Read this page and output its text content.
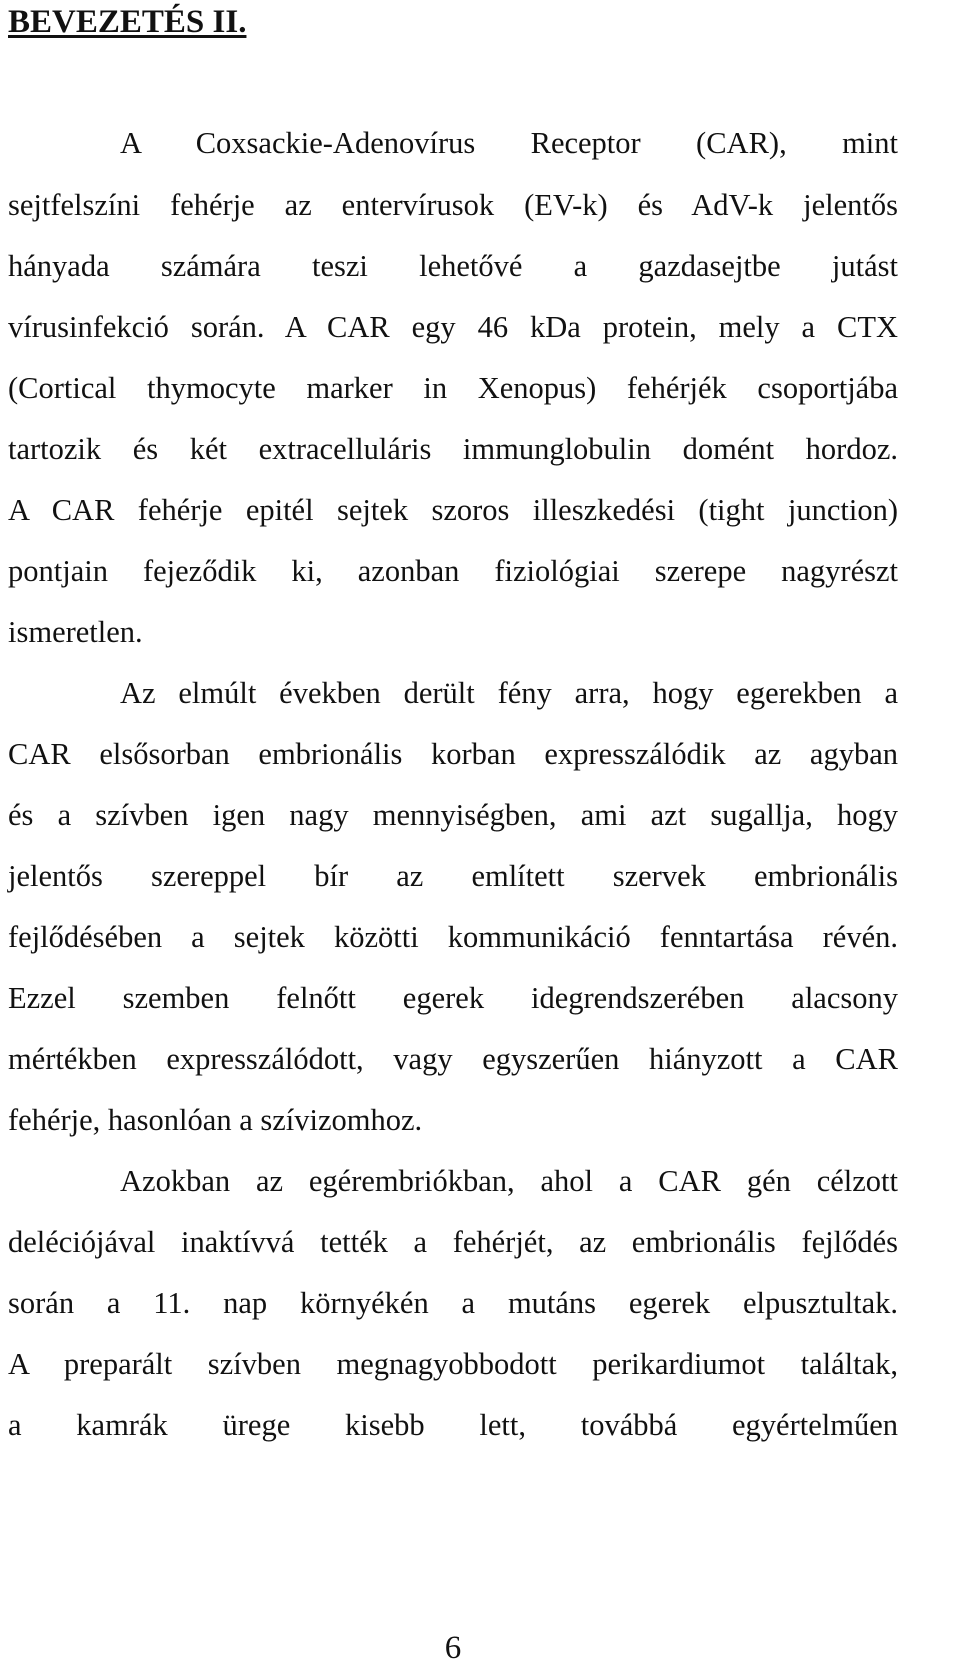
BEVEZETÉS II.
A Coxsackie-Adenovírus Receptor (CAR), mint
sejtfelszíni fehérje az entervírusok (EV-k) és AdV-k jelentős
hányada számára teszi lehetővé a gazdasejtbe jutást
vírusinfekció során. A CAR egy 46 kDa protein, mely a CTX
(Cortical thymocyte marker in Xenopus) fehérjék csoportjába
tartozik és két extracelluláris immunglobulin domént hordoz.
A CAR fehérje epitél sejtek szoros illeszkedési (tight junction)
pontjain fejeződik ki, azonban fiziológiai szerepe nagyrészt
ismeretlen.
Az elmúlt években derült fény arra, hogy egerekben a
CAR elsősorban embrionális korban expresszálódik az agyban
és a szívben igen nagy mennyiségben, ami azt sugallja, hogy
jelentős szereppel bír az említett szervek embrionális
fejlődésében a sejtek közötti kommunikáció fenntartása révén.
Ezzel szemben felnőtt egerek idegrendszerében alacsony
mértékben expresszálódott, vagy egyszerűen hiányzott a CAR
fehérje, hasonlóan a szívizomhoz.
Azokban az egérembriókban, ahol a CAR gén célzott
deléciójával inaktívvá tették a fehérjét, az embrionális fejlődés
során a 11. nap környékén a mutáns egerek elpusztultak.
A preparált szívben megnagyobbodott perikardiumot találtak,
a kamrák ürege kisebb lett, továbbá egyértelműen
6
